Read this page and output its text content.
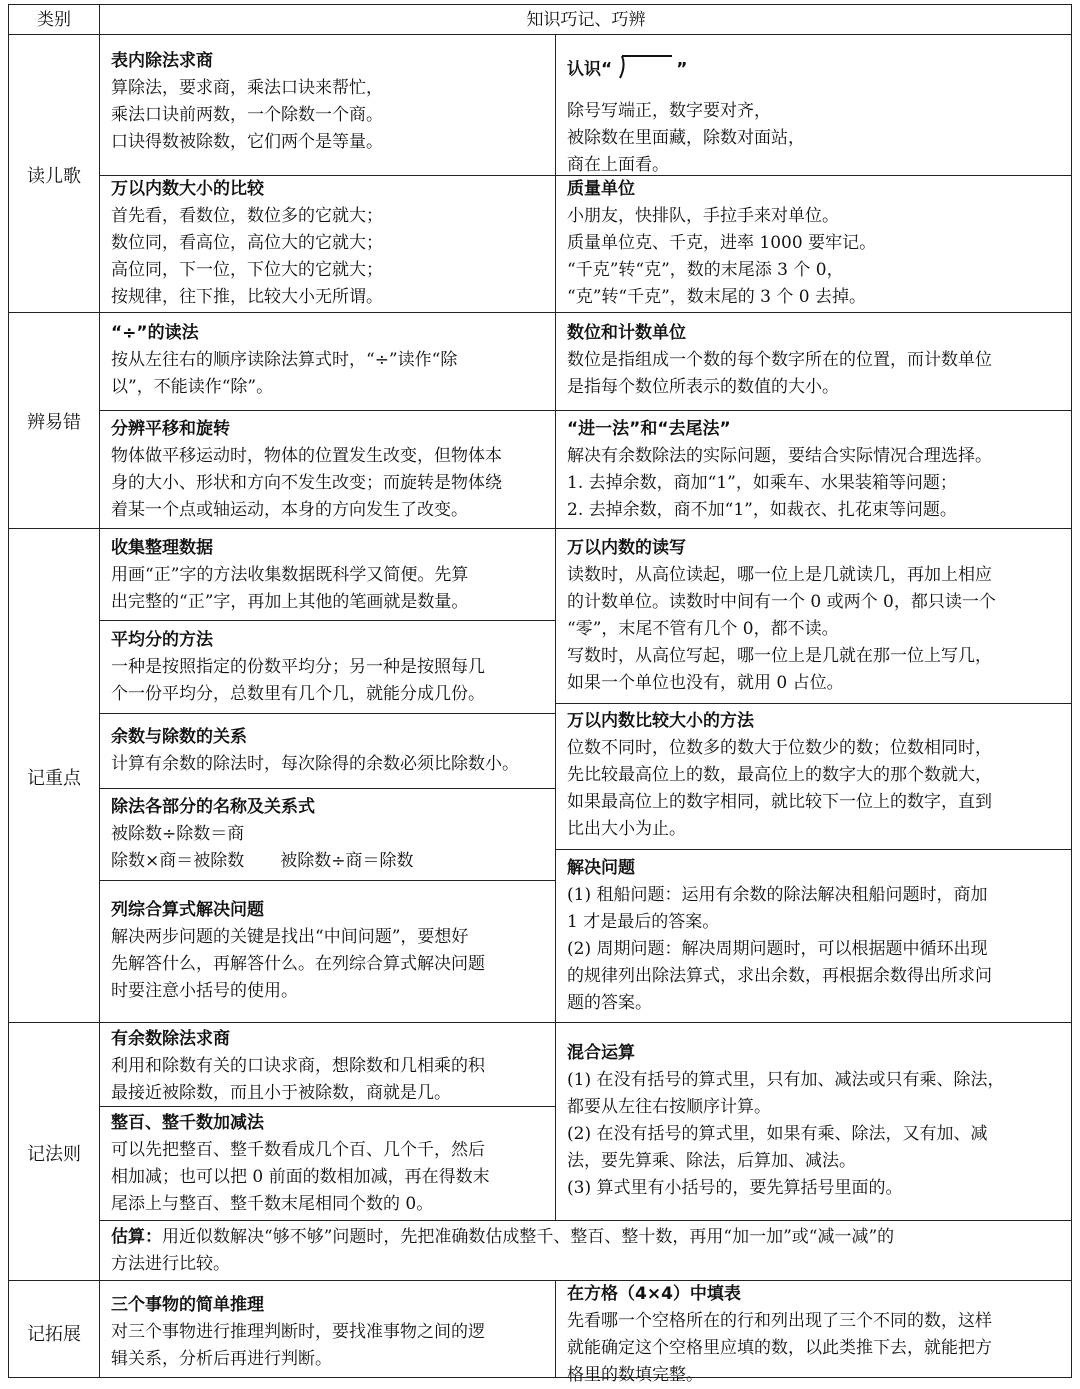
类别	知识巧记、巧辨
读儿歌
辨易错
记重点
记法则
记拓展
表内除法求商
算除法，要求商，乘法口诀来帮忙，
乘法口诀前两数，一个除数一个商。
口诀得数被除数，它们两个是等量。
认识“	”
除号写端正，数字要对齐，
被除数在里面藏，除数对面站，
商在上面看。
万以内数大小的比较
首先看，看数位，数位多的它就大；
数位同，看高位，高位大的它就大；
高位同，下一位，下位大的它就大；
按规律，往下推，比较大小无所谓。
质量单位
小朋友，快排队，手拉手来对单位。
质量单位克、千克，进率 1000 要牢记。
“千克”转“克”，数的末尾添 3 个 0，
“克”转“千克”，数末尾的 3 个 0 去掉。
“÷”的读法
按从左往右的顺序读除法算式时，“÷”读作“除
以”，不能读作“除”。
数位和计数单位
数位是指组成一个数的每个数字所在的位置，而计数单位
是指每个数位所表示的数值的大小。
分辨平移和旋转
物体做平移运动时，物体的位置发生改变，但物体本
身的大小、形状和方向不发生改变；而旋转是物体绕
着某一个点或轴运动，本身的方向发生了改变。
“进一法”和“去尾法”
解决有余数除法的实际问题，要结合实际情况合理选择。
1. 去掉余数，商加“1”，如乘车、水果装箱等问题；
2. 去掉余数，商不加“1”，如裁衣、扎花束等问题。
收集整理数据
用画“正”字的方法收集数据既科学又简便。先算
出完整的“正”字，再加上其他的笔画就是数量。
平均分的方法
一种是按照指定的份数平均分；另一种是按照每几
个一份平均分，总数里有几个几，就能分成几份。
余数与除数的关系
计算有余数的除法时，每次除得的余数必须比除数小。
除法各部分的名称及关系式
被除数÷除数＝商
除数×商＝被除数 被除数÷商＝除数
列综合算式解决问题
解决两步问题的关键是找出“中间问题”，要想好
先解答什么，再解答什么。在列综合算式解决问题
时要注意小括号的使用。
万以内数的读写
读数时，从高位读起，哪一位上是几就读几，再加上相应
的计数单位。读数时中间有一个 0 或两个 0，都只读一个
“零”，末尾不管有几个 0，都不读。
写数时，从高位写起，哪一位上是几就在那一位上写几，
如果一个单位也没有，就用 0 占位。
万以内数比较大小的方法
位数不同时，位数多的数大于位数少的数；位数相同时，
先比较最高位上的数，最高位上的数字大的那个数就大，
如果最高位上的数字相同，就比较下一位上的数字，直到
比出大小为止。
解决问题
(1) 租船问题：运用有余数的除法解决租船问题时，商加
1 才是最后的答案。
(2) 周期问题：解决周期问题时，可以根据题中循环出现
的规律列出除法算式，求出余数，再根据余数得出所求问
题的答案。
有余数除法求商
利用和除数有关的口诀求商，想除数和几相乘的积
最接近被除数，而且小于被除数，商就是几。
整百、整千数加减法
可以先把整百、整千数看成几个百、几个千，然后
相加减；也可以把 0 前面的数相加减，再在得数末
尾添上与整百、整千数末尾相同个数的 0。
混合运算
(1) 在没有括号的算式里，只有加、减法或只有乘、除法，
都要从左往右按顺序计算。
(2) 在没有括号的算式里，如果有乘、除法，又有加、减
法，要先算乘、除法，后算加、减法。
(3) 算式里有小括号的，要先算括号里面的。
估算：用近似数解决“够不够”问题时，先把准确数估成整千、整百、整十数，再用“加一加”或“减一减”的
方法进行比较。
三个事物的简单推理
对三个事物进行推理判断时，要找准事物之间的逻
辑关系，分析后再进行判断。
在方格（4×4）中填表
先看哪一个空格所在的行和列出现了三个不同的数，这样
就能确定这个空格里应填的数，以此类推下去，就能把方
格里的数填完整。
